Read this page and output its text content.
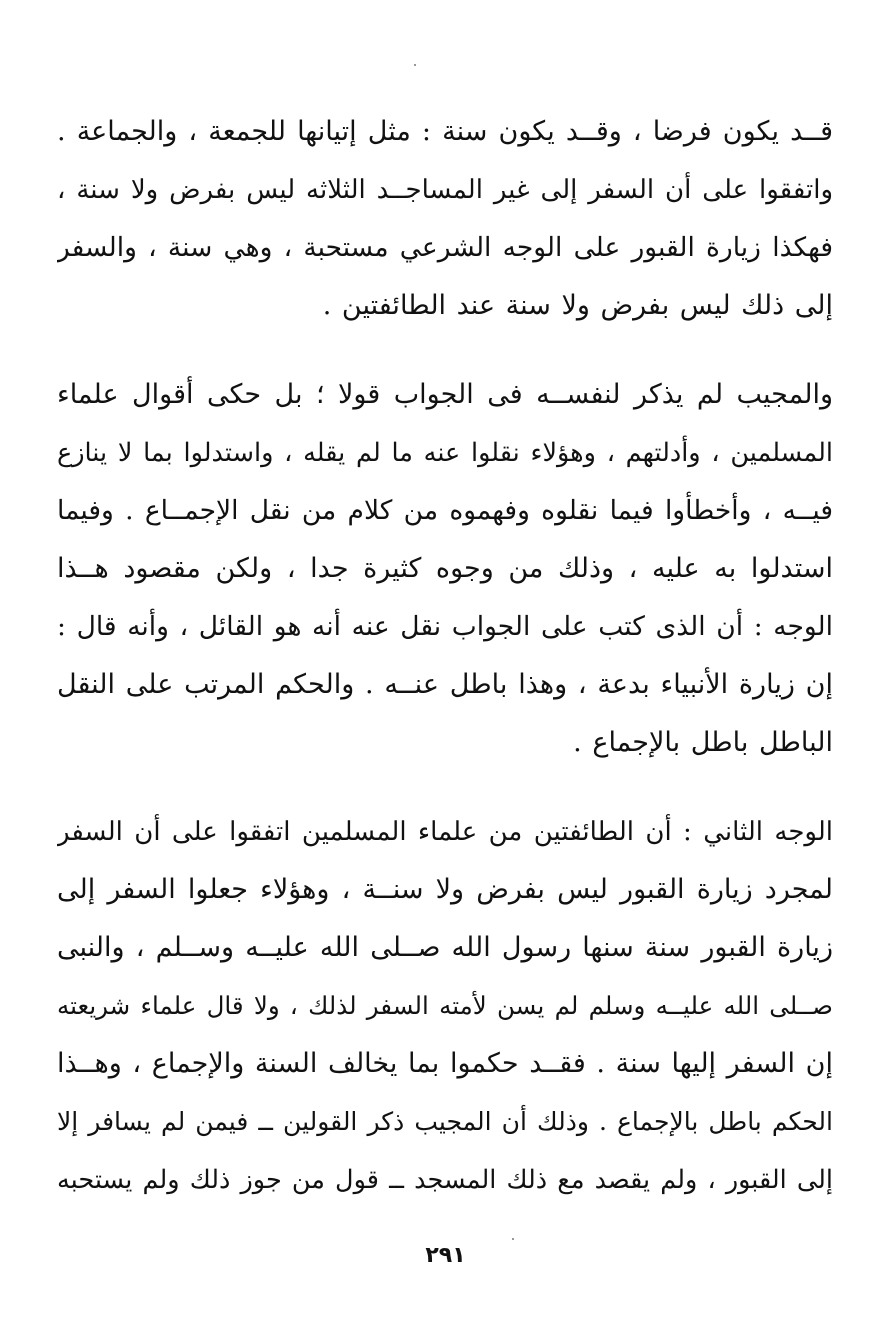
قــد يكون فرضا ، وقــد يكون سنة : مثل إتيانها للجمعة ، والجماعة .
واتفقوا على أن السفر إلى غير المساجــد الثلاثه ليس بفرض ولا سنة ،
فهكذا زيارة القبور على الوجه الشرعي مستحبة ، وهي سنة ، والسفر
إلى ذلك ليس بفرض ولا سنة عند الطائفتين .
والمجيب لم يذكر لنفســه فى الجواب قولا ؛ بل حكى أقوال علماء
المسلمين ، وأدلتهم ، وهؤلاء نقلوا عنه ما لم يقله ، واستدلوا بما لا ينازع
فيــه ، وأخطأوا فيما نقلوه وفهموه من كلام من نقل الإجمــاع . وفيما
استدلوا به عليه ، وذلك من وجوه كثيرة جدا ، ولكن مقصود هــذا
الوجه : أن الذى كتب على الجواب نقل عنه أنه هو القائل ، وأنه قال :
إن زيارة الأنبياء بدعة ، وهذا باطل عنــه . والحكم المرتب على النقل
الباطل باطل بالإجماع .
الوجه الثاني : أن الطائفتين من علماء المسلمين اتفقوا على أن السفر
لمجرد زيارة القبور ليس بفرض ولا سنــة ، وهؤلاء جعلوا السفر إلى
زيارة القبور سنة سنها رسول الله صــلى الله عليــه وســلم ، والنبى
صــلى الله عليــه وسلم لم يسن لأمته السفر لذلك ، ولا قال علماء شريعته
إن السفر إليها سنة . فقــد حكموا بما يخالف السنة والإجماع ، وهــذا
الحكم باطل بالإجماع . وذلك أن المجيب ذكر القولين ــ فيمن لم يسافر إلا
إلى القبور ، ولم يقصد مع ذلك المسجد ــ قول من جوز ذلك ولم يستحبه
٢٩١
